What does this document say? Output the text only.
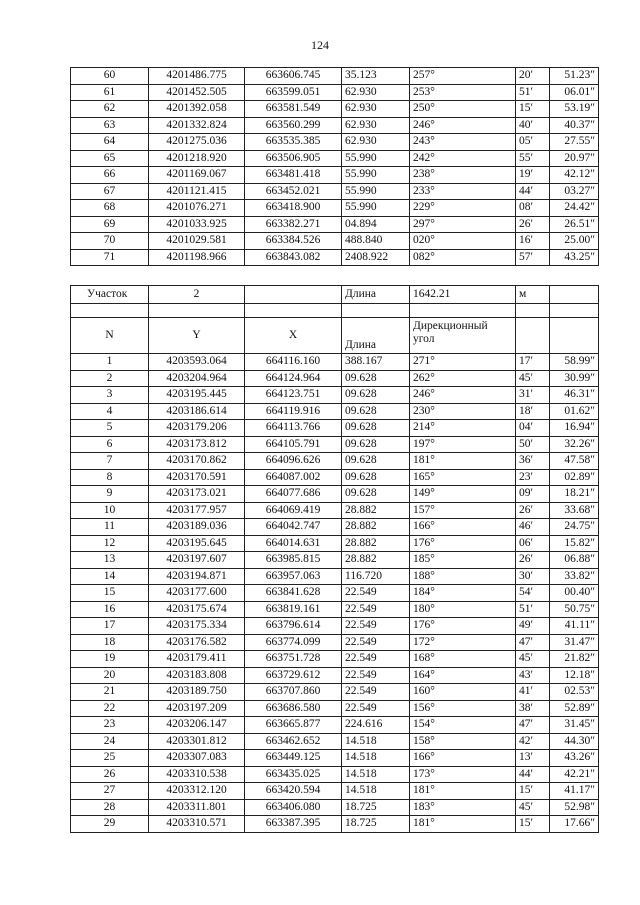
124
60	4201486.775	663606.745	35.123	257°	20′	51.23″
61	4201452.505	663599.051	62.930	253°	51′	06.01″
62	4201392.058	663581.549	62.930	250°	15′	53.19″
63	4201332.824	663560.299	62.930	246°	40′	40.37″
64	4201275.036	663535.385	62.930	243°	05′	27.55″
65	4201218.920	663506.905	55.990	242°	55′	20.97″
66	4201169.067	663481.418	55.990	238°	19′	42.12″
67	4201121.415	663452.021	55.990	233°	44′	03.27″
68	4201076.271	663418.900	55.990	229°	08′	24.42″
69	4201033.925	663382.271	04.894	297°	26′	26.51″
70	4201029.581	663384.526	488.840	020°	16′	25.00″
71	4201198.966	663843.082	2408.922	082°	57′	43.25″
Участок	2		Длина	1642.21	м	

N	Y	X	Длина	Дирекционный
угол		
1	4203593.064	664116.160	388.167	271°	17′	58.99″
2	4203204.964	664124.964	09.628	262°	45′	30.99″
3	4203195.445	664123.751	09.628	246°	31′	46.31″
4	4203186.614	664119.916	09.628	230°	18′	01.62″
5	4203179.206	664113.766	09.628	214°	04′	16.94″
6	4203173.812	664105.791	09.628	197°	50′	32.26″
7	4203170.862	664096.626	09.628	181°	36′	47.58″
8	4203170.591	664087.002	09.628	165°	23′	02.89″
9	4203173.021	664077.686	09.628	149°	09′	18.21″
10	4203177.957	664069.419	28.882	157°	26′	33.68″
11	4203189.036	664042.747	28.882	166°	46′	24.75″
12	4203195.645	664014.631	28.882	176°	06′	15.82″
13	4203197.607	663985.815	28.882	185°	26′	06.88″
14	4203194.871	663957.063	116.720	188°	30′	33.82″
15	4203177.600	663841.628	22.549	184°	54′	00.40″
16	4203175.674	663819.161	22.549	180°	51′	50.75″
17	4203175.334	663796.614	22.549	176°	49′	41.11″
18	4203176.582	663774.099	22.549	172°	47′	31.47″
19	4203179.411	663751.728	22.549	168°	45′	21.82″
20	4203183.808	663729.612	22.549	164°	43′	12.18″
21	4203189.750	663707.860	22.549	160°	41′	02.53″
22	4203197.209	663686.580	22.549	156°	38′	52.89″
23	4203206.147	663665.877	224.616	154°	47′	31.45″
24	4203301.812	663462.652	14.518	158°	42′	44.30″
25	4203307.083	663449.125	14.518	166°	13′	43.26″
26	4203310.538	663435.025	14.518	173°	44′	42.21″
27	4203312.120	663420.594	14.518	181°	15′	41.17″
28	4203311.801	663406.080	18.725	183°	45′	52.98″
29	4203310.571	663387.395	18.725	181°	15′	17.66″
